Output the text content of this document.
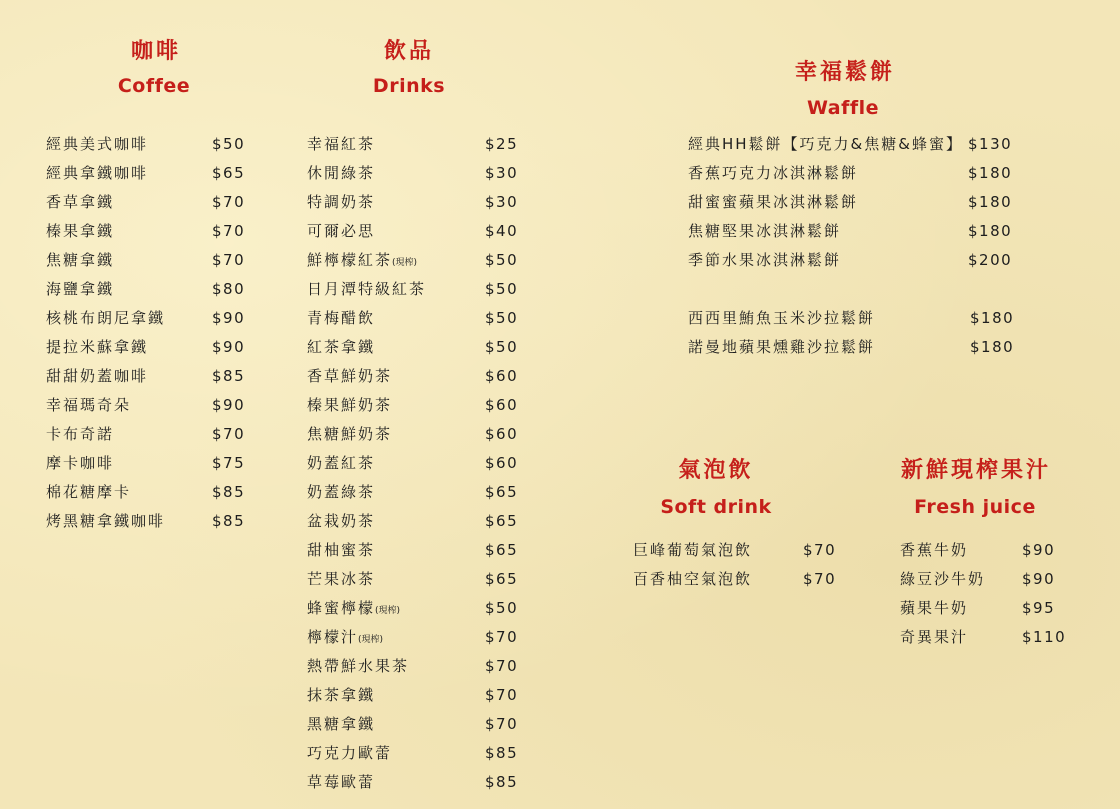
咖啡
Coffee
經典美式咖啡	$50
經典拿鐵咖啡	$65
香草拿鐵	$70
榛果拿鐵	$70
焦糖拿鐵	$70
海鹽拿鐵	$80
核桃布朗尼拿鐵	$90
提拉米蘇拿鐵	$90
甜甜奶蓋咖啡	$85
幸福瑪奇朵	$90
卡布奇諾	$70
摩卡咖啡	$75
棉花糖摩卡	$85
烤黑糖拿鐵咖啡	$85
飲品
Drinks
幸福紅茶	$25
休閒綠茶	$30
特調奶茶	$30
可爾必思	$40
鮮檸檬紅茶(現榨)	$50
日月潭特級紅茶	$50
青梅醋飲	$50
紅茶拿鐵	$50
香草鮮奶茶	$60
榛果鮮奶茶	$60
焦糖鮮奶茶	$60
奶蓋紅茶	$60
奶蓋綠茶	$65
盆栽奶茶	$65
甜柚蜜茶	$65
芒果冰茶	$65
蜂蜜檸檬(現榨)	$50
檸檬汁(現榨)	$70
熱帶鮮水果茶	$70
抹茶拿鐵	$70
黑糖拿鐵	$70
巧克力歐蕾	$85
草莓歐蕾	$85
幸福鬆餅
Waffle
經典HH鬆餅【巧克力&焦糖&蜂蜜】 $130
香蕉巧克力冰淇淋鬆餅	$180
甜蜜蜜蘋果冰淇淋鬆餅	$180
焦糖堅果冰淇淋鬆餅	$180
季節水果冰淇淋鬆餅	$200
西西里鮪魚玉米沙拉鬆餅	$180
諾曼地蘋果燻雞沙拉鬆餅	$180
氣泡飲
Soft drink
巨峰葡萄氣泡飲	$70
百香柚空氣泡飲	$70
新鮮現榨果汁
Fresh juice
香蕉牛奶	$90
綠豆沙牛奶 $90
蘋果牛奶	$95
奇異果汁	$110
